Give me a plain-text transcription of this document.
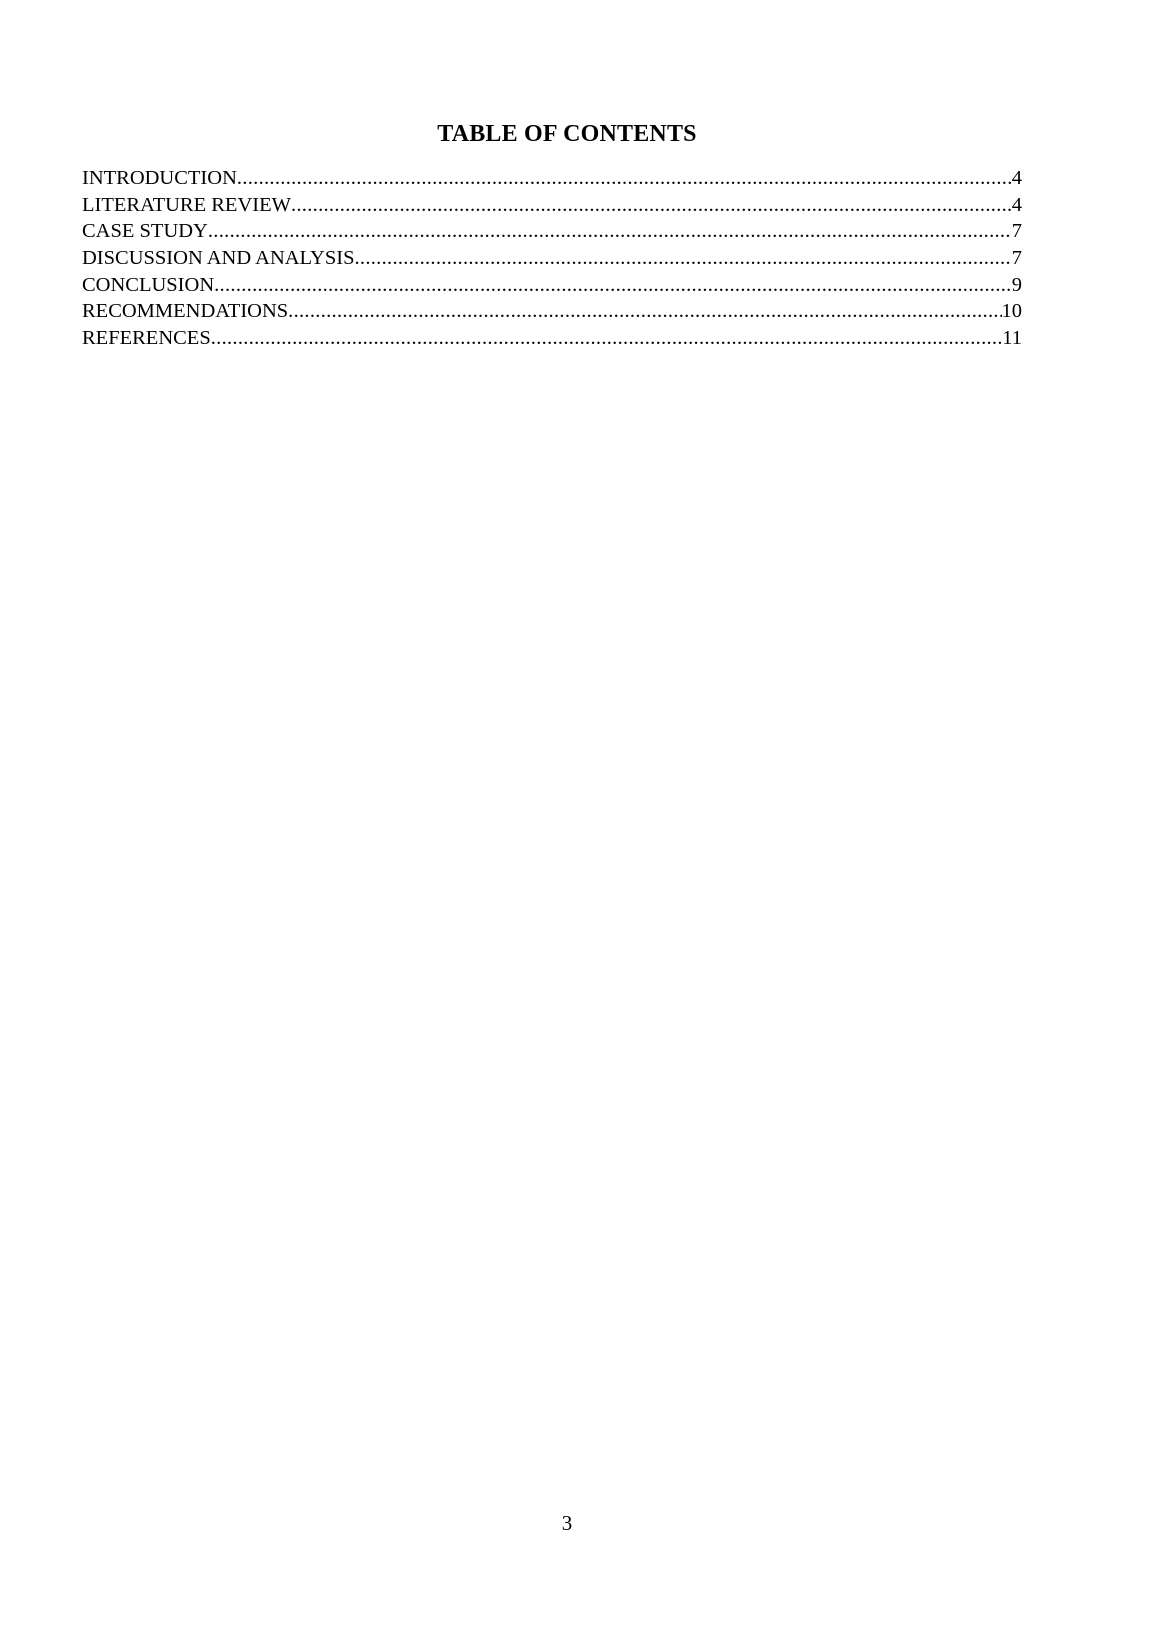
TABLE OF CONTENTS
INTRODUCTION .....	4
LITERATURE REVIEW .....	4
CASE STUDY .....	7
DISCUSSION AND ANALYSIS .....	7
CONCLUSION .....	9
RECOMMENDATIONS .....	10
REFERENCES .....	11
3
